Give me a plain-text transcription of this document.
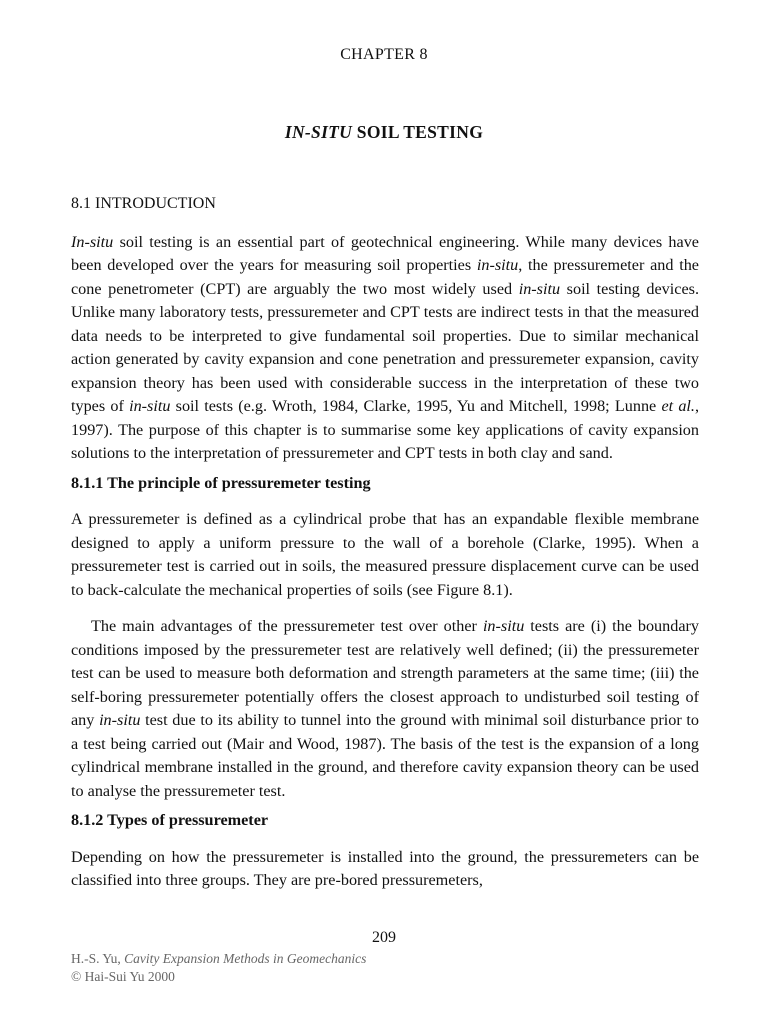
CHAPTER 8
IN-SITU SOIL TESTING
8.1 INTRODUCTION

In-situ soil testing is an essential part of geotechnical engineering. While many devices have been developed over the years for measuring soil properties in-situ, the pressuremeter and the cone penetrometer (CPT) are arguably the two most widely used in-situ soil testing devices. Unlike many laboratory tests, pressuremeter and CPT tests are indirect tests in that the measured data needs to be interpreted to give fundamental soil properties. Due to similar mechanical action generated by cavity expansion and cone penetration and pressuremeter expansion, cavity expansion theory has been used with considerable success in the interpretation of these two types of in-situ soil tests (e.g. Wroth, 1984, Clarke, 1995, Yu and Mitchell, 1998; Lunne et al., 1997). The purpose of this chapter is to summarise some key applications of cavity expansion solutions to the interpretation of pressuremeter and CPT tests in both clay and sand.

8.1.1 The principle of pressuremeter testing

A pressuremeter is defined as a cylindrical probe that has an expandable flexible membrane designed to apply a uniform pressure to the wall of a borehole (Clarke, 1995). When a pressuremeter test is carried out in soils, the measured pressure displacement curve can be used to back-calculate the mechanical properties of soils (see Figure 8.1).

The main advantages of the pressuremeter test over other in-situ tests are (i) the boundary conditions imposed by the pressuremeter test are relatively well defined; (ii) the pressuremeter test can be used to measure both deformation and strength parameters at the same time; (iii) the self-boring pressuremeter potentially offers the closest approach to undisturbed soil testing of any in-situ test due to its ability to tunnel into the ground with minimal soil disturbance prior to a test being carried out (Mair and Wood, 1987). The basis of the test is the expansion of a long cylindrical membrane installed in the ground, and therefore cavity expansion theory can be used to analyse the pressuremeter test.

8.1.2 Types of pressuremeter

Depending on how the pressuremeter is installed into the ground, the pressuremeters can be classified into three groups. They are pre-bored pressuremeters,

209
H.-S. Yu, Cavity Expansion Methods in Geomechanics
© Hai-Sui Yu 2000
